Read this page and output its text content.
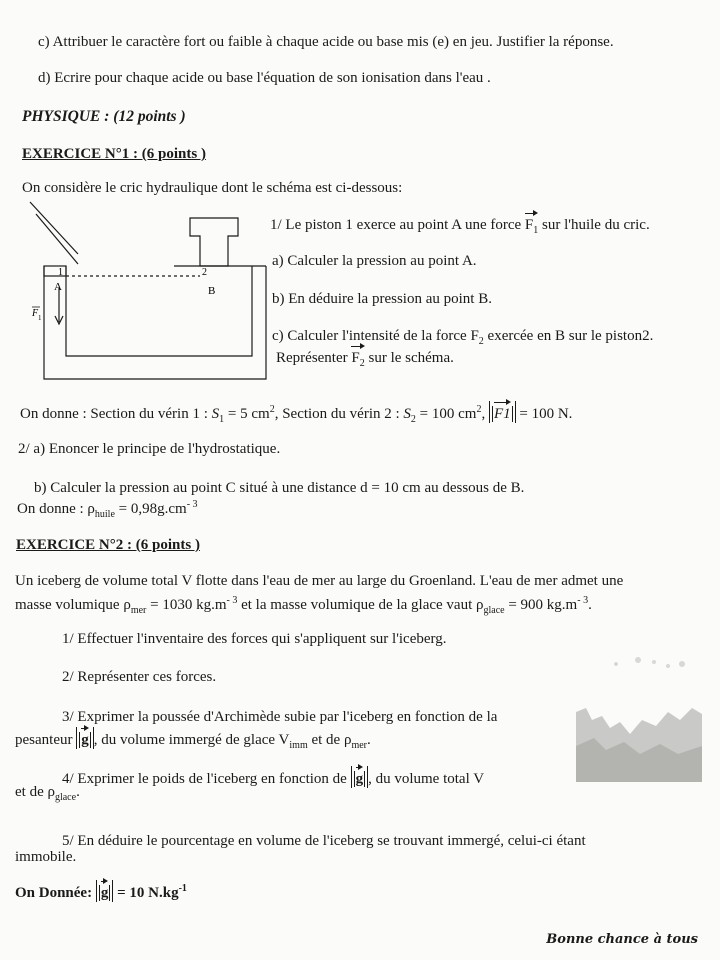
c) Attribuer le caractère fort ou faible à chaque acide ou base mis (e) en jeu. Justifier la réponse.
d) Ecrire pour chaque acide ou base l'équation de son ionisation dans l'eau .
PHYSIQUE : (12 points )
EXERCICE N°1 : (6 points )
On considère le cric hydraulique dont le schéma est ci-dessous:
1	2
A	B
F 1
1/ Le piston 1 exerce au point A une force $F_1$ sur l'huile du cric.
a) Calculer la pression au point A.
b) En déduire la pression au point B.
c) Calculer l'intensité de la force $F_2$ exercée en B sur le piston2.
Représenter $F_2$ sur le schéma.
On donne : Section du vérin 1 : $S_1 = 5$ $cm^2$, Section du vérin 2 : $S_2 = 100$ $cm^2$, F1 = 100 N.
2/ a) Enoncer le principe de l'hydrostatique.
b) Calculer la pression au point C situé à une distance d = 10 cm au dessous de B.
On donne : $\rho_{huile} = 0,98g.cm^{- 3}$
EXERCICE N°2 : (6 points )
Un iceberg de volume total V flotte dans l'eau de mer au large du Groenland. L'eau de mer admet une
masse volumique $\rho_{mer} = 1030$ $kg.m^{- 3}$ et la masse volumique de la glace vaut $\rho_{glace} = 900$ $kg.m^{- 3}$.
1/ Effectuer l'inventaire des forces qui s'appliquent sur l'iceberg.
2/ Représenter ces forces.
3/ Exprimer la poussée d'Archimède subie par l'iceberg en fonction de la
pesanteur g , du volume immergé de glace $V_{imm}$ et de $\rho_{mer}$.
4/ Exprimer le poids de l'iceberg en fonction de g , du volume total V
et de $\rho_{glace}$.
5/ En déduire le pourcentage en volume de l'iceberg se trouvant immergé, celui-ci étant
immobile.
On Donnée: g = 10 $N.kg^{-1}$
Bonne chance à tous
